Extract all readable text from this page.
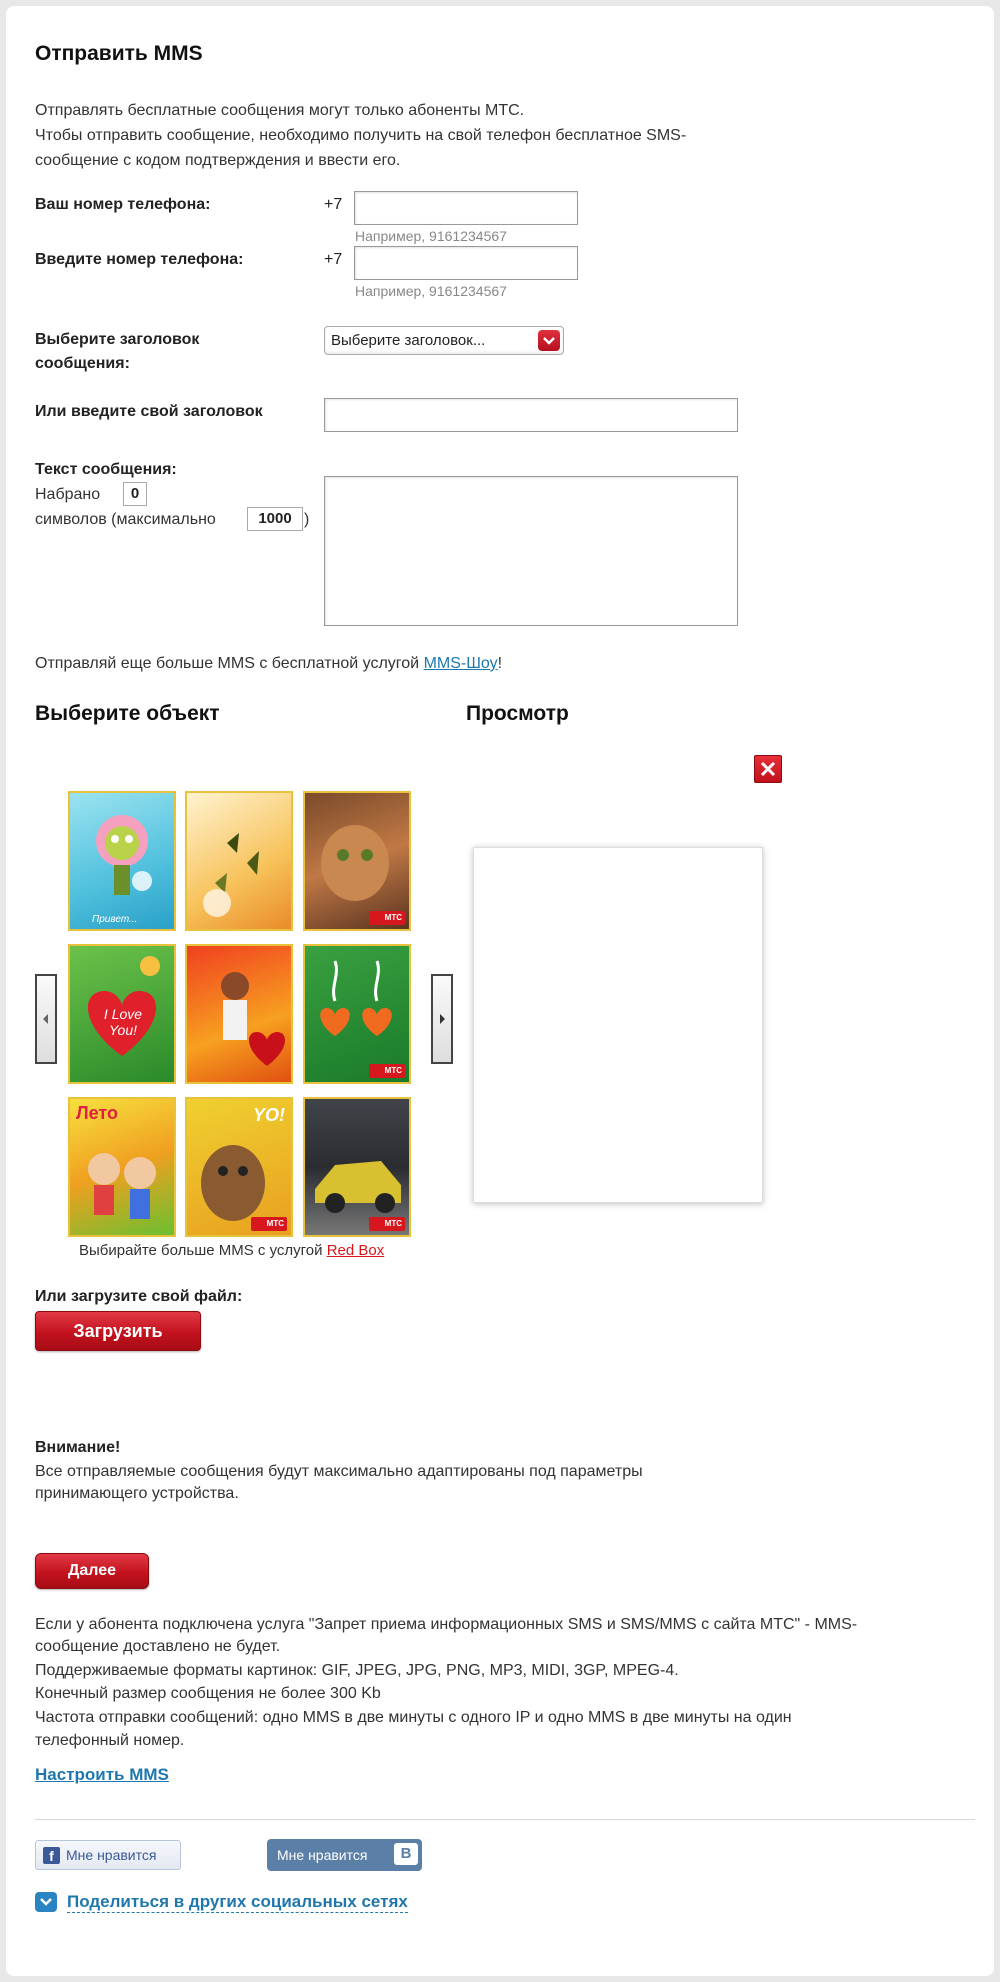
Отправить MMS
Отправлять бесплатные сообщения могут только абоненты МТС.
Чтобы отправить сообщение, необходимо получить на свой телефон бесплатное SMS-
сообщение с кодом подтверждения и ввести его.
Ваш номер телефона:	+7
Например, 9161234567
Введите номер телефона:	+7
Например, 9161234567
Выберите заголовок
сообщения:
Выберите заголовок...
Или введите свой заголовок
Текст сообщения:
Набрано	0
символов (максимально	1000 )
Отправляй еще больше MMS с бесплатной услугой MMS-Шоу!
Выберите объект	Просмотр
Привет...	МТС
I Love You!
МТС
Лето	YO!
МТС	МТС
Выбирайте больше MMS с услугой Red Box
Или загрузите свой файл:
Загрузить
Внимание!
Все отправляемые сообщения будут максимально адаптированы под параметры
принимающего устройства.
Далее
Если у абонента подключена услуга "Запрет приема информационных SMS и SMS/MMS с сайта МТС" - MMS-
сообщение доставлено не будет.
Поддерживаемые форматы картинок: GIF, JPEG, JPG, PNG, MP3, MIDI, 3GP, MPEG-4.
Конечный размер сообщения не более 300 Kb
Частота отправки сообщений: одно MMS в две минуты с одного IP и одно MMS в две минуты на один
телефонный номер.
Настроить MMS
f Мне нравится	Мне нравится	B
Поделиться в других социальных сетях
